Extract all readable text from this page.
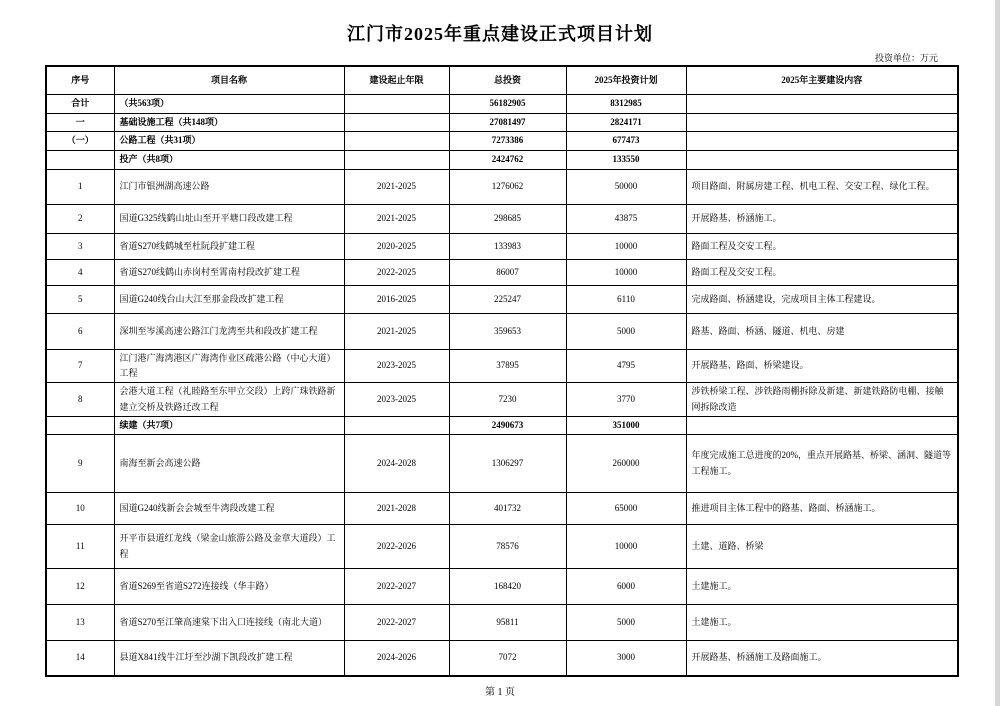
江门市2025年重点建设正式项目计划
投资单位：万元
序号	项目名称	建设起止年限	总投资	2025年投资计划	2025年主要建设内容
合计	（共563项）		56182905	8312985	
一	基础设施工程（共148项）		27081497	2824171	
（一）	公路工程（共31项）		7273386	677473	
	投产（共8项）		2424762	133550	
1	江门市银洲湖高速公路	2021-2025	1276062	50000	项目路面、附属房建工程、机电工程、交安工程、绿化工程。
2	国道G325线鹤山址山至开平塘口段改建工程	2021-2025	298685	43875	开展路基、桥涵施工。
3	省道S270线鹤城至杜阮段扩建工程	2020-2025	133983	10000	路面工程及交安工程。
4	省道S270线鹤山赤岗村至霄南村段改扩建工程	2022-2025	86007	10000	路面工程及交安工程。
5	国道G240线台山大江至那金段改扩建工程	2016-2025	225247	6110	完成路面、桥涵建设，完成项目主体工程建设。
6	深圳至岑溪高速公路江门龙湾至共和段改扩建工程	2021-2025	359653	5000	路基、路面、桥涵、隧道、机电、房建
7	江门港广海湾港区广海湾作业区疏港公路（中心大道）工程	2023-2025	37895	4795	开展路基、路面、桥梁建设。
8	会港大道工程（礼睦路至东甲立交段）上跨广珠铁路新建立交桥及铁路迁改工程	2023-2025	7230	3770	涉铁桥梁工程、涉铁路雨棚拆除及新建、新建铁路防电棚、接触网拆除改造
	续建（共7项）		2490673	351000	
9	南海至新会高速公路	2024-2028	1306297	260000	年度完成施工总进度的20%，重点开展路基、桥梁、涵洞、隧道等工程施工。
10	国道G240线新会会城至牛湾段改建工程	2021-2028	401732	65000	推进项目主体工程中的路基、路面、桥涵施工。
11	开平市县道红龙线（梁金山旅游公路及金章大道段）工程	2022-2026	78576	10000	土建、道路、桥梁
12	省道S269至省道S272连接线（华丰路）	2022-2027	168420	6000	土建施工。
13	省道S270至江肇高速棠下出入口连接线（南北大道）	2022-2027	95811	5000	土建施工。
14	县道X841线牛江圩至沙湖下凯段改扩建工程	2024-2026	7072	3000	开展路基、桥涵施工及路面施工。
第 1 页
